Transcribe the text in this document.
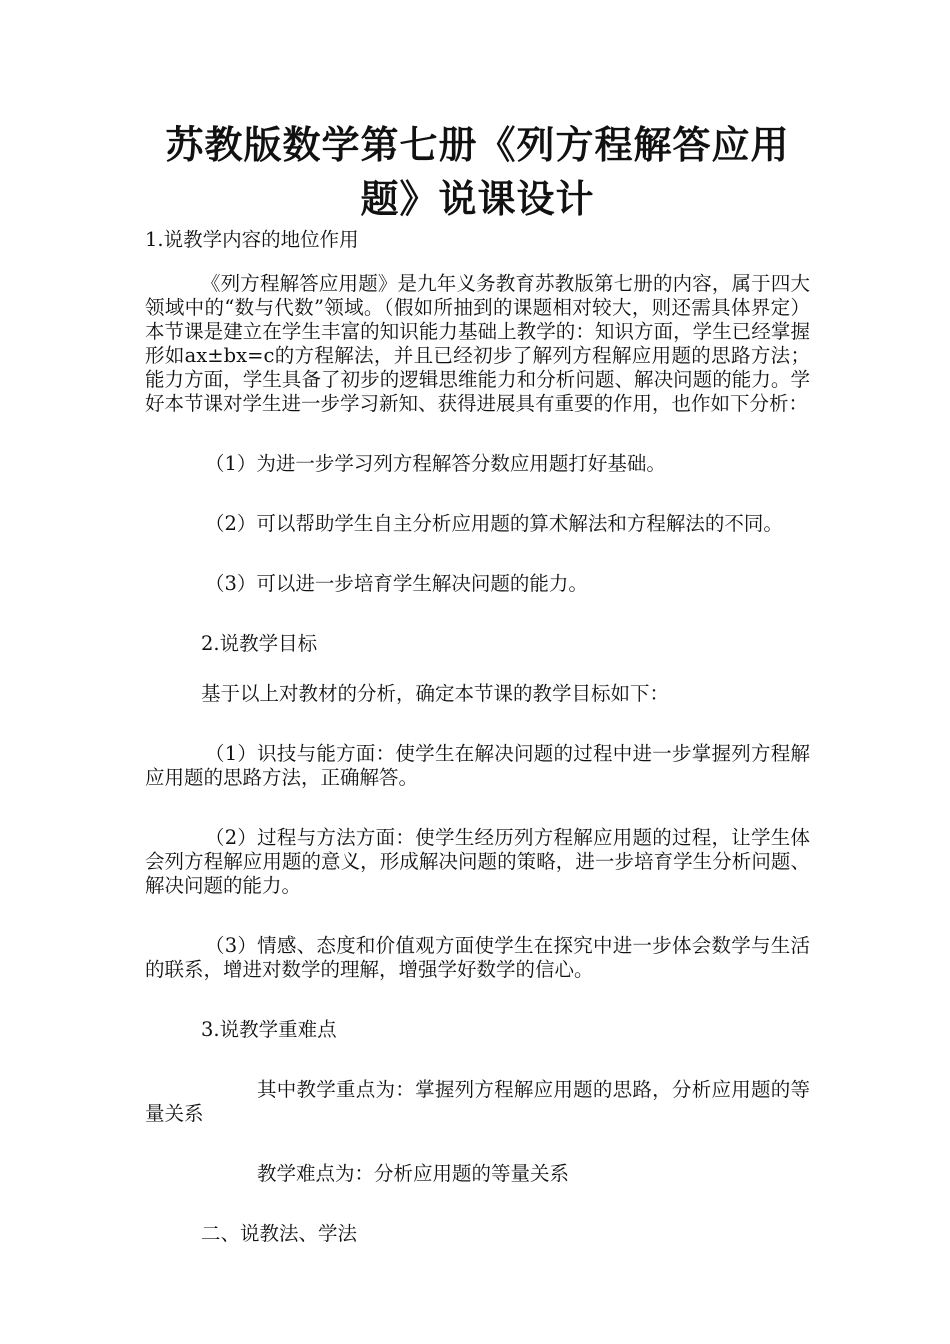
苏教版数学第七册《列方程解答应用题》说课设计

1.说教学内容的地位作用

《列方程解答应用题》是九年义务教育苏教版第七册的内容，属于四大领域中的“数与代数”领域。（假如所抽到的课题相对较大，则还需具体界定）本节课是建立在学生丰富的知识能力基础上教学的：知识方面，学生已经掌握形如ax±bx=c的方程解法，并且已经初步了解列方程解应用题的思路方法；能力方面，学生具备了初步的逻辑思维能力和分析问题、解决问题的能力。学好本节课对学生进一步学习新知、获得进展具有重要的作用，也作如下分析：

（1）为进一步学习列方程解答分数应用题打好基础。

（2）可以帮助学生自主分析应用题的算术解法和方程解法的不同。

（3）可以进一步培育学生解决问题的能力。

2.说教学目标

基于以上对教材的分析，确定本节课的教学目标如下：

（1）识技与能方面：使学生在解决问题的过程中进一步掌握列方程解应用题的思路方法，正确解答。

（2）过程与方法方面：使学生经历列方程解应用题的过程，让学生体会列方程解应用题的意义，形成解决问题的策略，进一步培育学生分析问题、解决问题的能力。

（3）情感、态度和价值观方面使学生在探究中进一步体会数学与生活的联系，增进对数学的理解，增强学好数学的信心。

3.说教学重难点

其中教学重点为：掌握列方程解应用题的思路，分析应用题的等量关系

教学难点为：分析应用题的等量关系

二、说教法、学法
